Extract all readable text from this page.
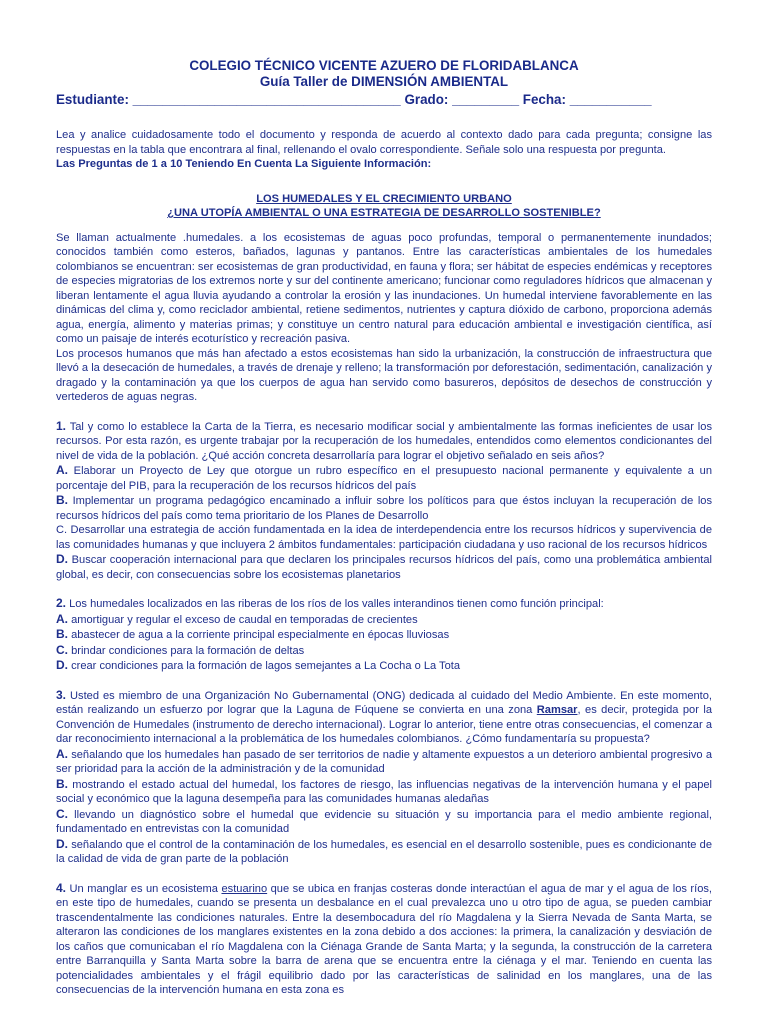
COLEGIO TÉCNICO VICENTE AZUERO DE FLORIDABLANCA
Guía Taller de DIMENSIÓN AMBIENTAL
Estudiante: ____________________________________ Grado: _________ Fecha: ___________

Lea y analice cuidadosamente todo el documento y responda de acuerdo al contexto dado para cada pregunta; consigne las respuestas en la tabla que encontrara al final, rellenando el ovalo correspondiente. Señale solo una respuesta por pregunta.

Las Preguntas de 1 a 10 Teniendo En Cuenta La Siguiente Información:

LOS HUMEDALES Y EL CRECIMIENTO URBANO
¿UNA UTOPÍA AMBIENTAL O UNA ESTRATEGIA DE DESARROLLO SOSTENIBLE?

Se llaman actualmente .humedales. a los ecosistemas de aguas poco profundas, temporal o permanentemente inundados; conocidos también como esteros, bañados, lagunas y pantanos. Entre las características ambientales de los humedales colombianos se encuentran: ser ecosistemas de gran productividad, en fauna y flora; ser hábitat de especies endémicas y receptores de especies migratorias de los extremos norte y sur del continente americano; funcionar como reguladores hídricos que almacenan y liberan lentamente el agua lluvia ayudando a controlar la erosión y las inundaciones. Un humedal interviene favorablemente en las dinámicas del clima y, como reciclador ambiental, retiene sedimentos, nutrientes y captura dióxido de carbono, proporciona además agua, energía, alimento y materias primas; y constituye un centro natural para educación ambiental e investigación científica, así como un paisaje de interés ecoturístico y recreación pasiva.

Los procesos humanos que más han afectado a estos ecosistemas han sido la urbanización, la construcción de infraestructura que llevó a la desecación de humedales, a través de drenaje y relleno; la transformación por deforestación, sedimentación, canalización y dragado y la contaminación ya que los cuerpos de agua han servido como basureros, depósitos de desechos de construcción y vertederos de aguas negras.

1. Tal y como lo establece la Carta de la Tierra, es necesario modificar social y ambientalmente las formas ineficientes de usar los recursos. Por esta razón, es urgente trabajar por la recuperación de los humedales, entendidos como elementos condicionantes del nivel de vida de la población. ¿Qué acción concreta desarrollaría para lograr el objetivo señalado en seis años?

A. Elaborar un Proyecto de Ley que otorgue un rubro específico en el presupuesto nacional permanente y equivalente a un porcentaje del PIB, para la recuperación de los recursos hídricos del país

B. Implementar un programa pedagógico encaminado a influir sobre los políticos para que éstos incluyan la recuperación de los recursos hídricos del país como tema prioritario de los Planes de Desarrollo

C. Desarrollar una estrategia de acción fundamentada en la idea de interdependencia entre los recursos hídricos y supervivencia de las comunidades humanas y que incluyera 2 ámbitos fundamentales: participación ciudadana y uso racional de los recursos hídricos

D. Buscar cooperación internacional para que declaren los principales recursos hídricos del país, como una problemática ambiental global, es decir, con consecuencias sobre los ecosistemas planetarios

2. Los humedales localizados en las riberas de los ríos de los valles interandinos tienen como función principal:

A. amortiguar y regular el exceso de caudal en temporadas de crecientes

B. abastecer de agua a la corriente principal especialmente en épocas lluviosas

C. brindar condiciones para la formación de deltas

D. crear condiciones para la formación de lagos semejantes a La Cocha o La Tota

3. Usted es miembro de una Organización No Gubernamental (ONG) dedicada al cuidado del Medio Ambiente. En este momento, están realizando un esfuerzo por lograr que la Laguna de Fúquene se convierta en una zona Ramsar, es decir, protegida por la Convención de Humedales (instrumento de derecho internacional). Lograr lo anterior, tiene entre otras consecuencias, el comenzar a dar reconocimiento internacional a la problemática de los humedales colombianos. ¿Cómo fundamentaría su propuesta?

A. señalando que los humedales han pasado de ser territorios de nadie y altamente expuestos a un deterioro ambiental progresivo a ser prioridad para la acción de la administración y de la comunidad

B. mostrando el estado actual del humedal, los factores de riesgo, las influencias negativas de la intervención humana y el papel social y económico que la laguna desempeña para las comunidades humanas aledañas

C. llevando un diagnóstico sobre el humedal que evidencie su situación y su importancia para el medio ambiente regional, fundamentado en entrevistas con la comunidad

D. señalando que el control de la contaminación de los humedales, es esencial en el desarrollo sostenible, pues es condicionante de la calidad de vida de gran parte de la población

4. Un manglar es un ecosistema estuarino que se ubica en franjas costeras donde interactúan el agua de mar y el agua de los ríos, en este tipo de humedales, cuando se presenta un desbalance en el cual prevalezca uno u otro tipo de agua, se pueden cambiar trascendentalmente las condiciones naturales. Entre la desembocadura del río Magdalena y la Sierra Nevada de Santa Marta, se alteraron las condiciones de los manglares existentes en la zona debido a dos acciones: la primera, la canalización y desviación de los caños que comunicaban el río Magdalena con la Ciénaga Grande de Santa Marta; y la segunda, la construcción de la carretera entre Barranquilla y Santa Marta sobre la barra de arena que se encuentra entre la ciénaga y el mar. Teniendo en cuenta las potencialidades ambientales y el frágil equilibrio dado por las características de salinidad en los manglares, una de las consecuencias de la intervención humana en esta zona es
